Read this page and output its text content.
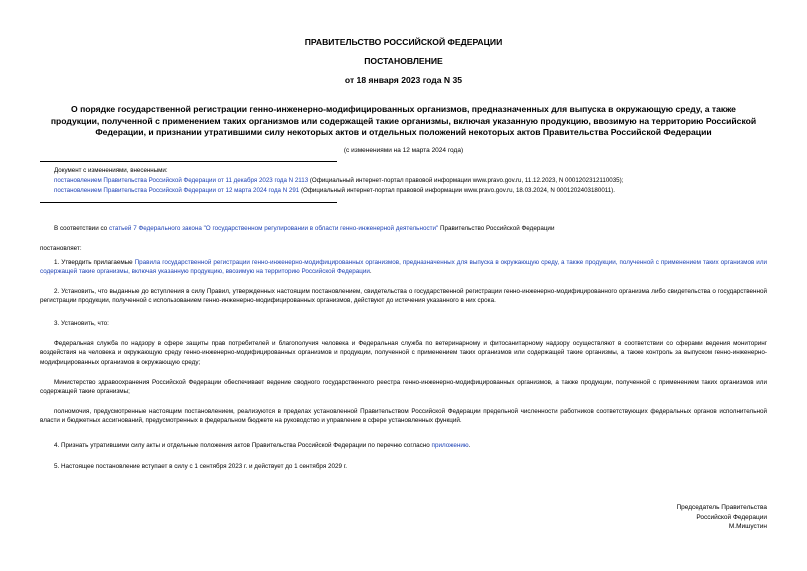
ПРАВИТЕЛЬСТВО РОССИЙСКОЙ ФЕДЕРАЦИИ
ПОСТАНОВЛЕНИЕ
от 18 января 2023 года N 35
О порядке государственной регистрации генно-инженерно-модифицированных организмов, предназначенных для выпуска в окружающую среду, а также
продукции, полученной с применением таких организмов или содержащей такие организмы, включая указанную продукцию, ввозимую на территорию Российской
Федерации, и признании утратившими силу некоторых актов и отдельных положений некоторых актов Правительства Российской Федерации
(с изменениями на 12 марта 2024 года)
Документ с изменениями, внесенными:
постановлением Правительства Российской Федерации от 11 декабря 2023 года N 2113 (Официальный интернет-портал правовой информации www.pravo.gov.ru, 11.12.2023, N 0001202312110035);
постановлением Правительства Российской Федерации от 12 марта 2024 года N 291 (Официальный интернет-портал правовой информации www.pravo.gov.ru, 18.03.2024, N 0001202403180011).
В соответствии со статьей 7 Федерального закона "О государственном регулировании в области генно-инженерной деятельности" Правительство Российской Федерации
постановляет:
1. Утвердить прилагаемые Правила государственной регистрации генно-инженерно-модифицированных организмов, предназначенных для выпуска в окружающую среду, а также продукции, полученной с применением таких организмов или содержащей такие организмы, включая указанную продукцию, ввозимую на территорию Российской Федерации.
2. Установить, что выданные до вступления в силу Правил, утвержденных настоящим постановлением, свидетельства о государственной регистрации генно-инженерно-модифицированного организма либо свидетельства о государственной регистрации продукции, полученной с использованием генно-инженерно-модифицированных организмов, действуют до истечения указанного в них срока.
3. Установить, что:
Федеральная служба по надзору в сфере защиты прав потребителей и благополучия человека и Федеральная служба по ветеринарному и фитосанитарному надзору осуществляют в соответствии со сферами ведения мониторинг воздействия на человека и окружающую среду генно-инженерно-модифицированных организмов и продукции, полученной с применением таких организмов или содержащей такие организмы, а также контроль за выпуском генно-инженерно-модифицированных организмов в окружающую среду;
Министерство здравоохранения Российской Федерации обеспечивает ведение сводного государственного реестра генно-инженерно-модифицированных организмов, а также продукции, полученной с применением таких организмов или содержащей такие организмы;
полномочия, предусмотренные настоящим постановлением, реализуются в пределах установленной Правительством Российской Федерации предельной численности работников соответствующих федеральных органов исполнительной власти и бюджетных ассигнований, предусмотренных в федеральном бюджете на руководство и управление в сфере установленных функций.
4. Признать утратившими силу акты и отдельные положения актов Правительства Российской Федерации по перечню согласно приложению.
5. Настоящее постановление вступает в силу с 1 сентября 2023 г. и действует до 1 сентября 2029 г.
Председатель Правительства
Российской Федерации
М.Мишустин
